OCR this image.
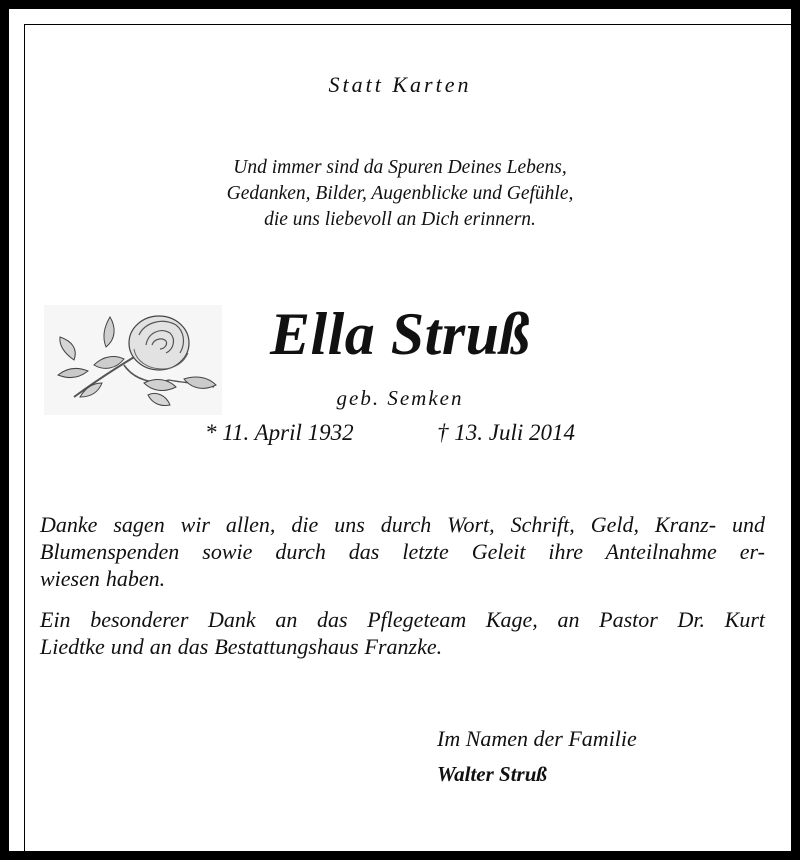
Statt Karten
Und immer sind da Spuren Deines Lebens,
Gedanken, Bilder, Augenblicke und Gefühle,
die uns liebevoll an Dich erinnern.
Ella Struß
geb. Semken
* 11. April 1932	† 13. Juli 2014
Danke sagen wir allen, die uns durch Wort, Schrift, Geld, Kranz- und
Blumenspenden sowie durch das letzte Geleit ihre Anteilnahme er-
wiesen haben.
Ein besonderer Dank an das Pflegeteam Kage, an Pastor Dr. Kurt
Liedtke und an das Bestattungshaus Franzke.
Im Namen der Familie
Walter Struß
